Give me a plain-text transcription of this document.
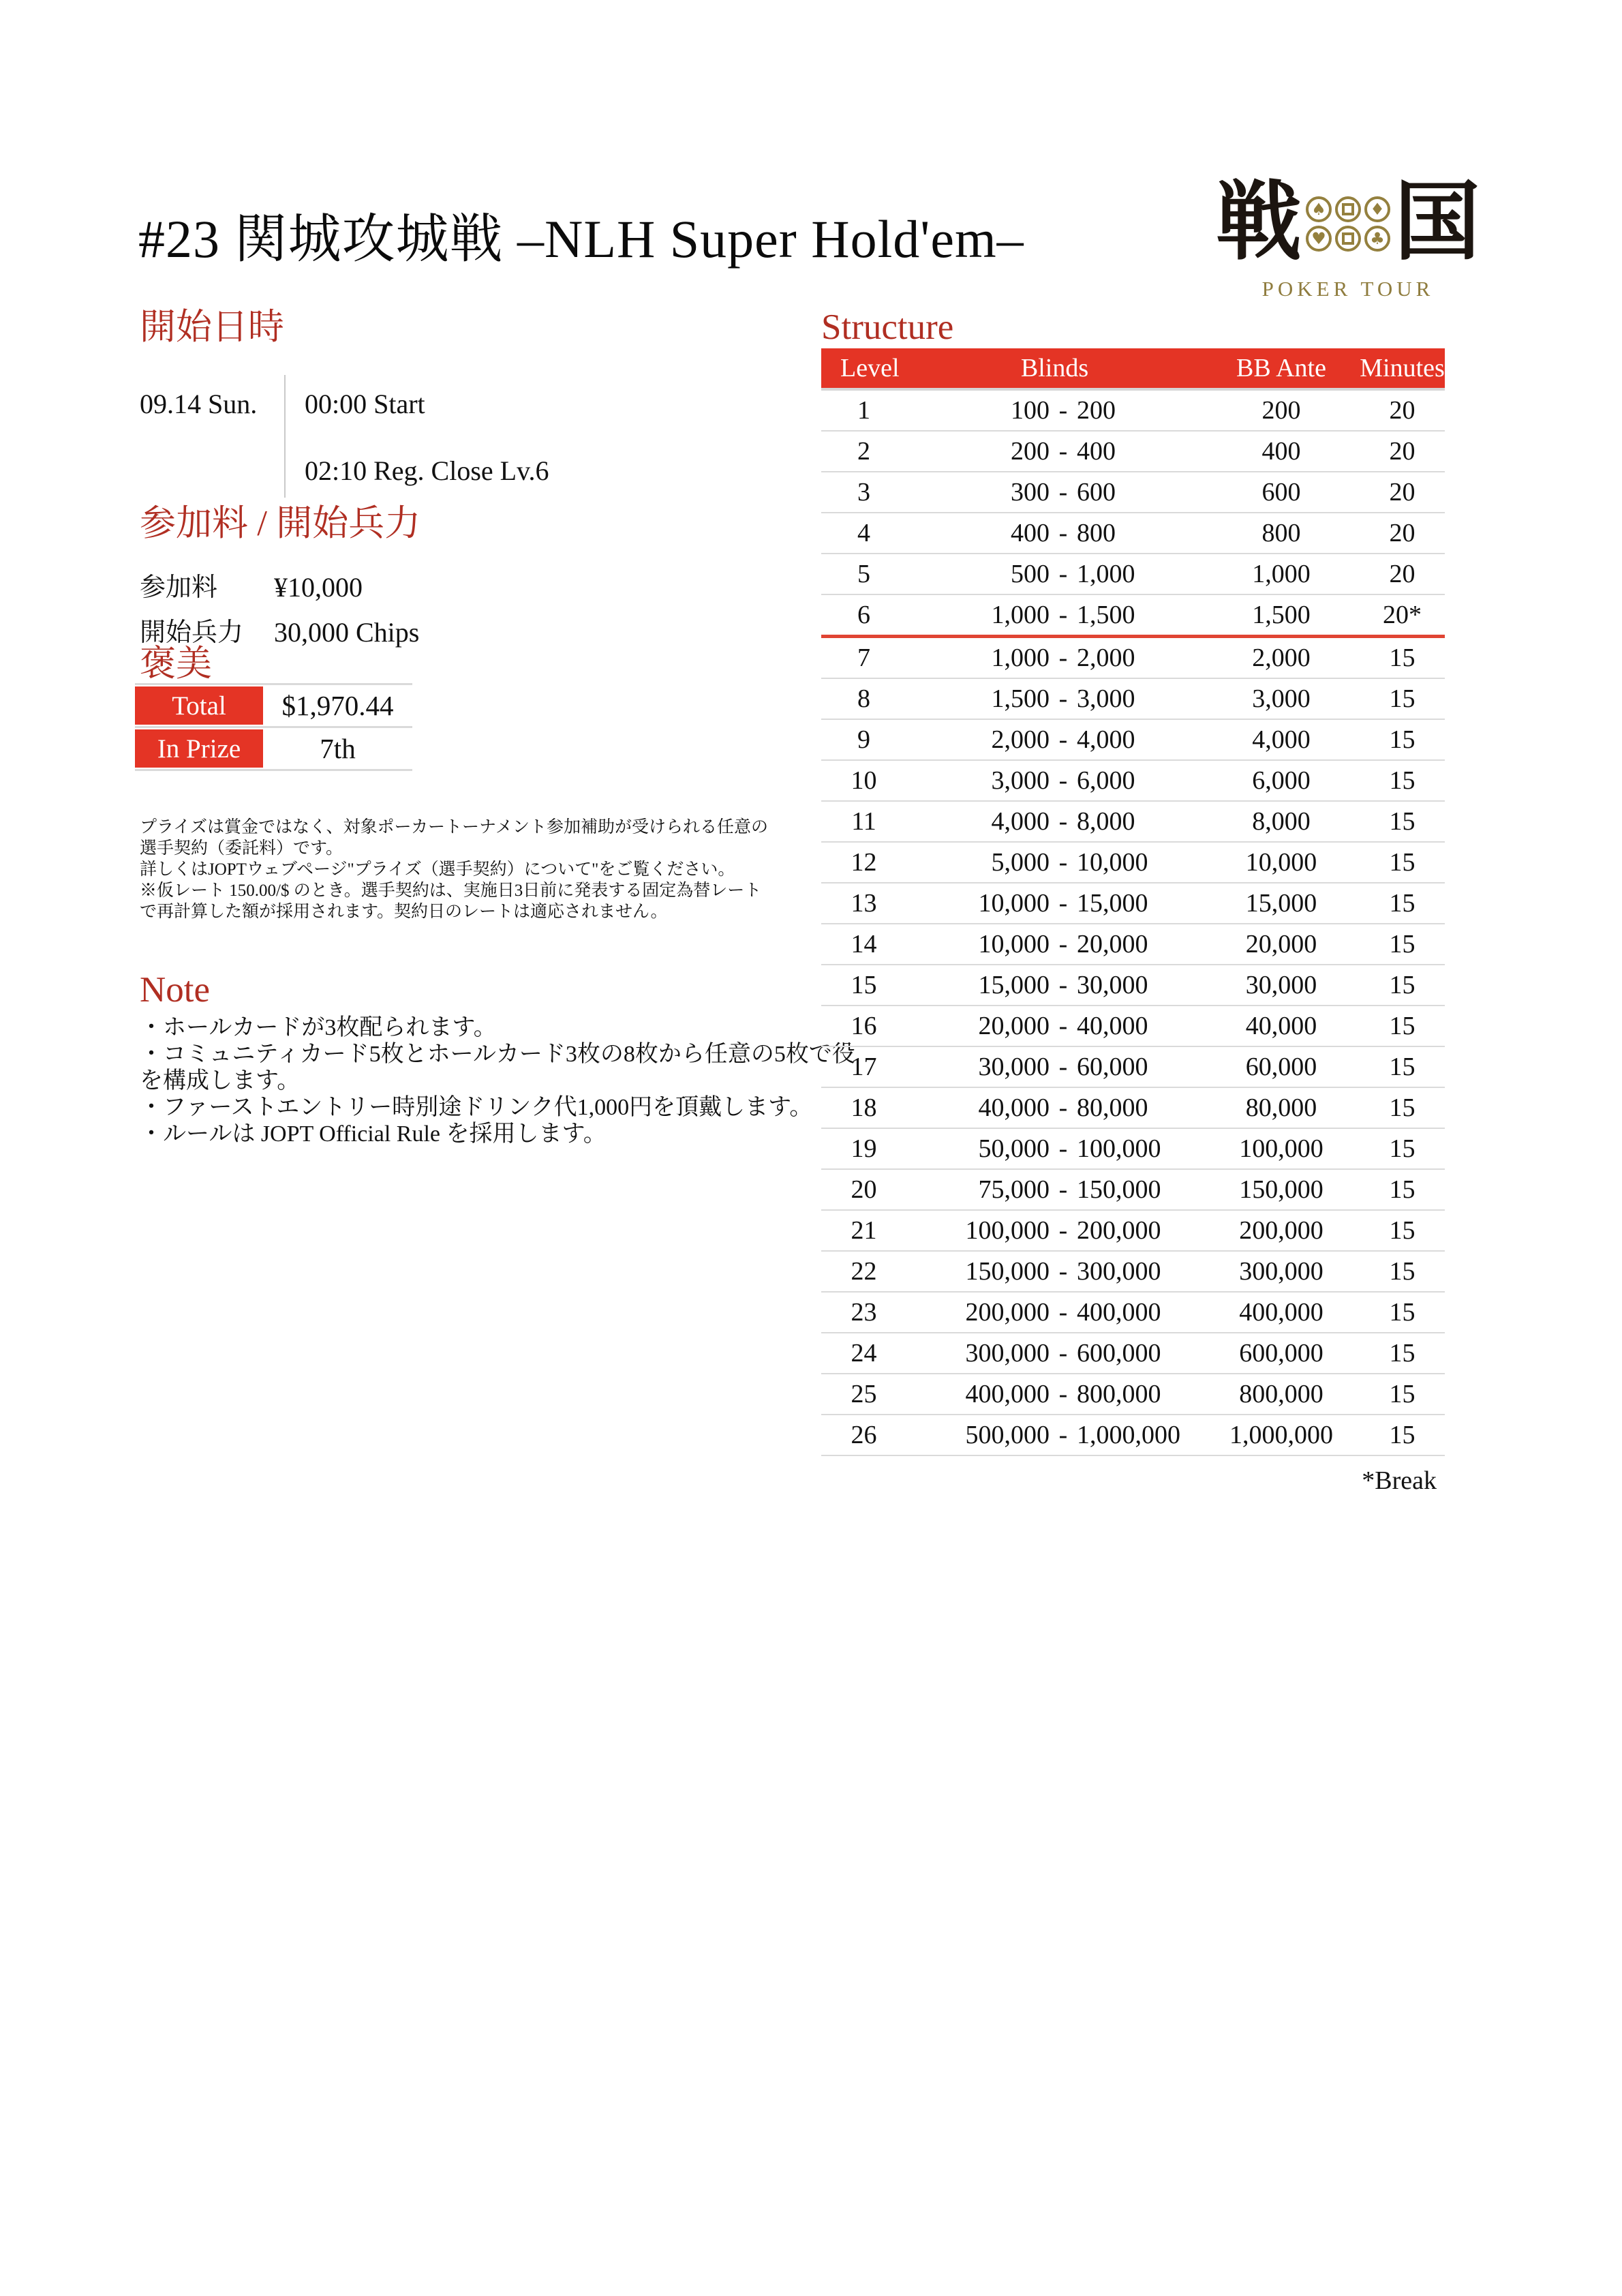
#23 関城攻城戦 –NLH Super Hold'em– 戦 ♠	♦
♥	♣ 国
POKER TOUR
開始日時
09.14 Sun.	00:00 Start
02:10 Reg. Close Lv.6
参加料 / 開始兵力
参加料	¥10,000
開始兵力	30,000 Chips
褒美
Total	$1,970.44
In Prize	7th
プライズは賞金ではなく、対象ポーカートーナメント参加補助が受けられる任意の
選手契約（委託料）です。
詳しくはJOPTウェブページ"プライズ（選手契約）について"をご覧ください。
※仮レート 150.00/$ のとき。選手契約は、実施日3日前に発表する固定為替レート
で再計算した額が採用されます。契約日のレートは適応されません。
Note
・ホールカードが3枚配られます。
・コミュニティカード5枚とホールカード3枚の8枚から任意の5枚で役
を構成します。
・ファーストエントリー時別途ドリンク代1,000円を頂戴します。
・ルールは JOPT Official Rule を採用します。
Structure
Level	Blinds	BB Ante	Minutes
1	100 - 200	200	20
2	200 - 400	400	20
3	300 - 600	600	20
4	400 - 800	800	20
5	500 - 1,000	1,000	20
6	1,000 - 1,500	1,500	20*
7	1,000 - 2,000	2,000	15
8	1,500 - 3,000	3,000	15
9	2,000 - 4,000	4,000	15
10	3,000 - 6,000	6,000	15
11	4,000 - 8,000	8,000	15
12	5,000 - 10,000	10,000	15
13	10,000 - 15,000	15,000	15
14	10,000 - 20,000	20,000	15
15	15,000 - 30,000	30,000	15
16	20,000 - 40,000	40,000	15
17	30,000 - 60,000	60,000	15
18	40,000 - 80,000	80,000	15
19	50,000 - 100,000	100,000	15
20	75,000 - 150,000	150,000	15
21	100,000 - 200,000	200,000	15
22	150,000 - 300,000	300,000	15
23	200,000 - 400,000	400,000	15
24	300,000 - 600,000	600,000	15
25	400,000 - 800,000	800,000	15
26	500,000 - 1,000,000	1,000,000	15
*Break
